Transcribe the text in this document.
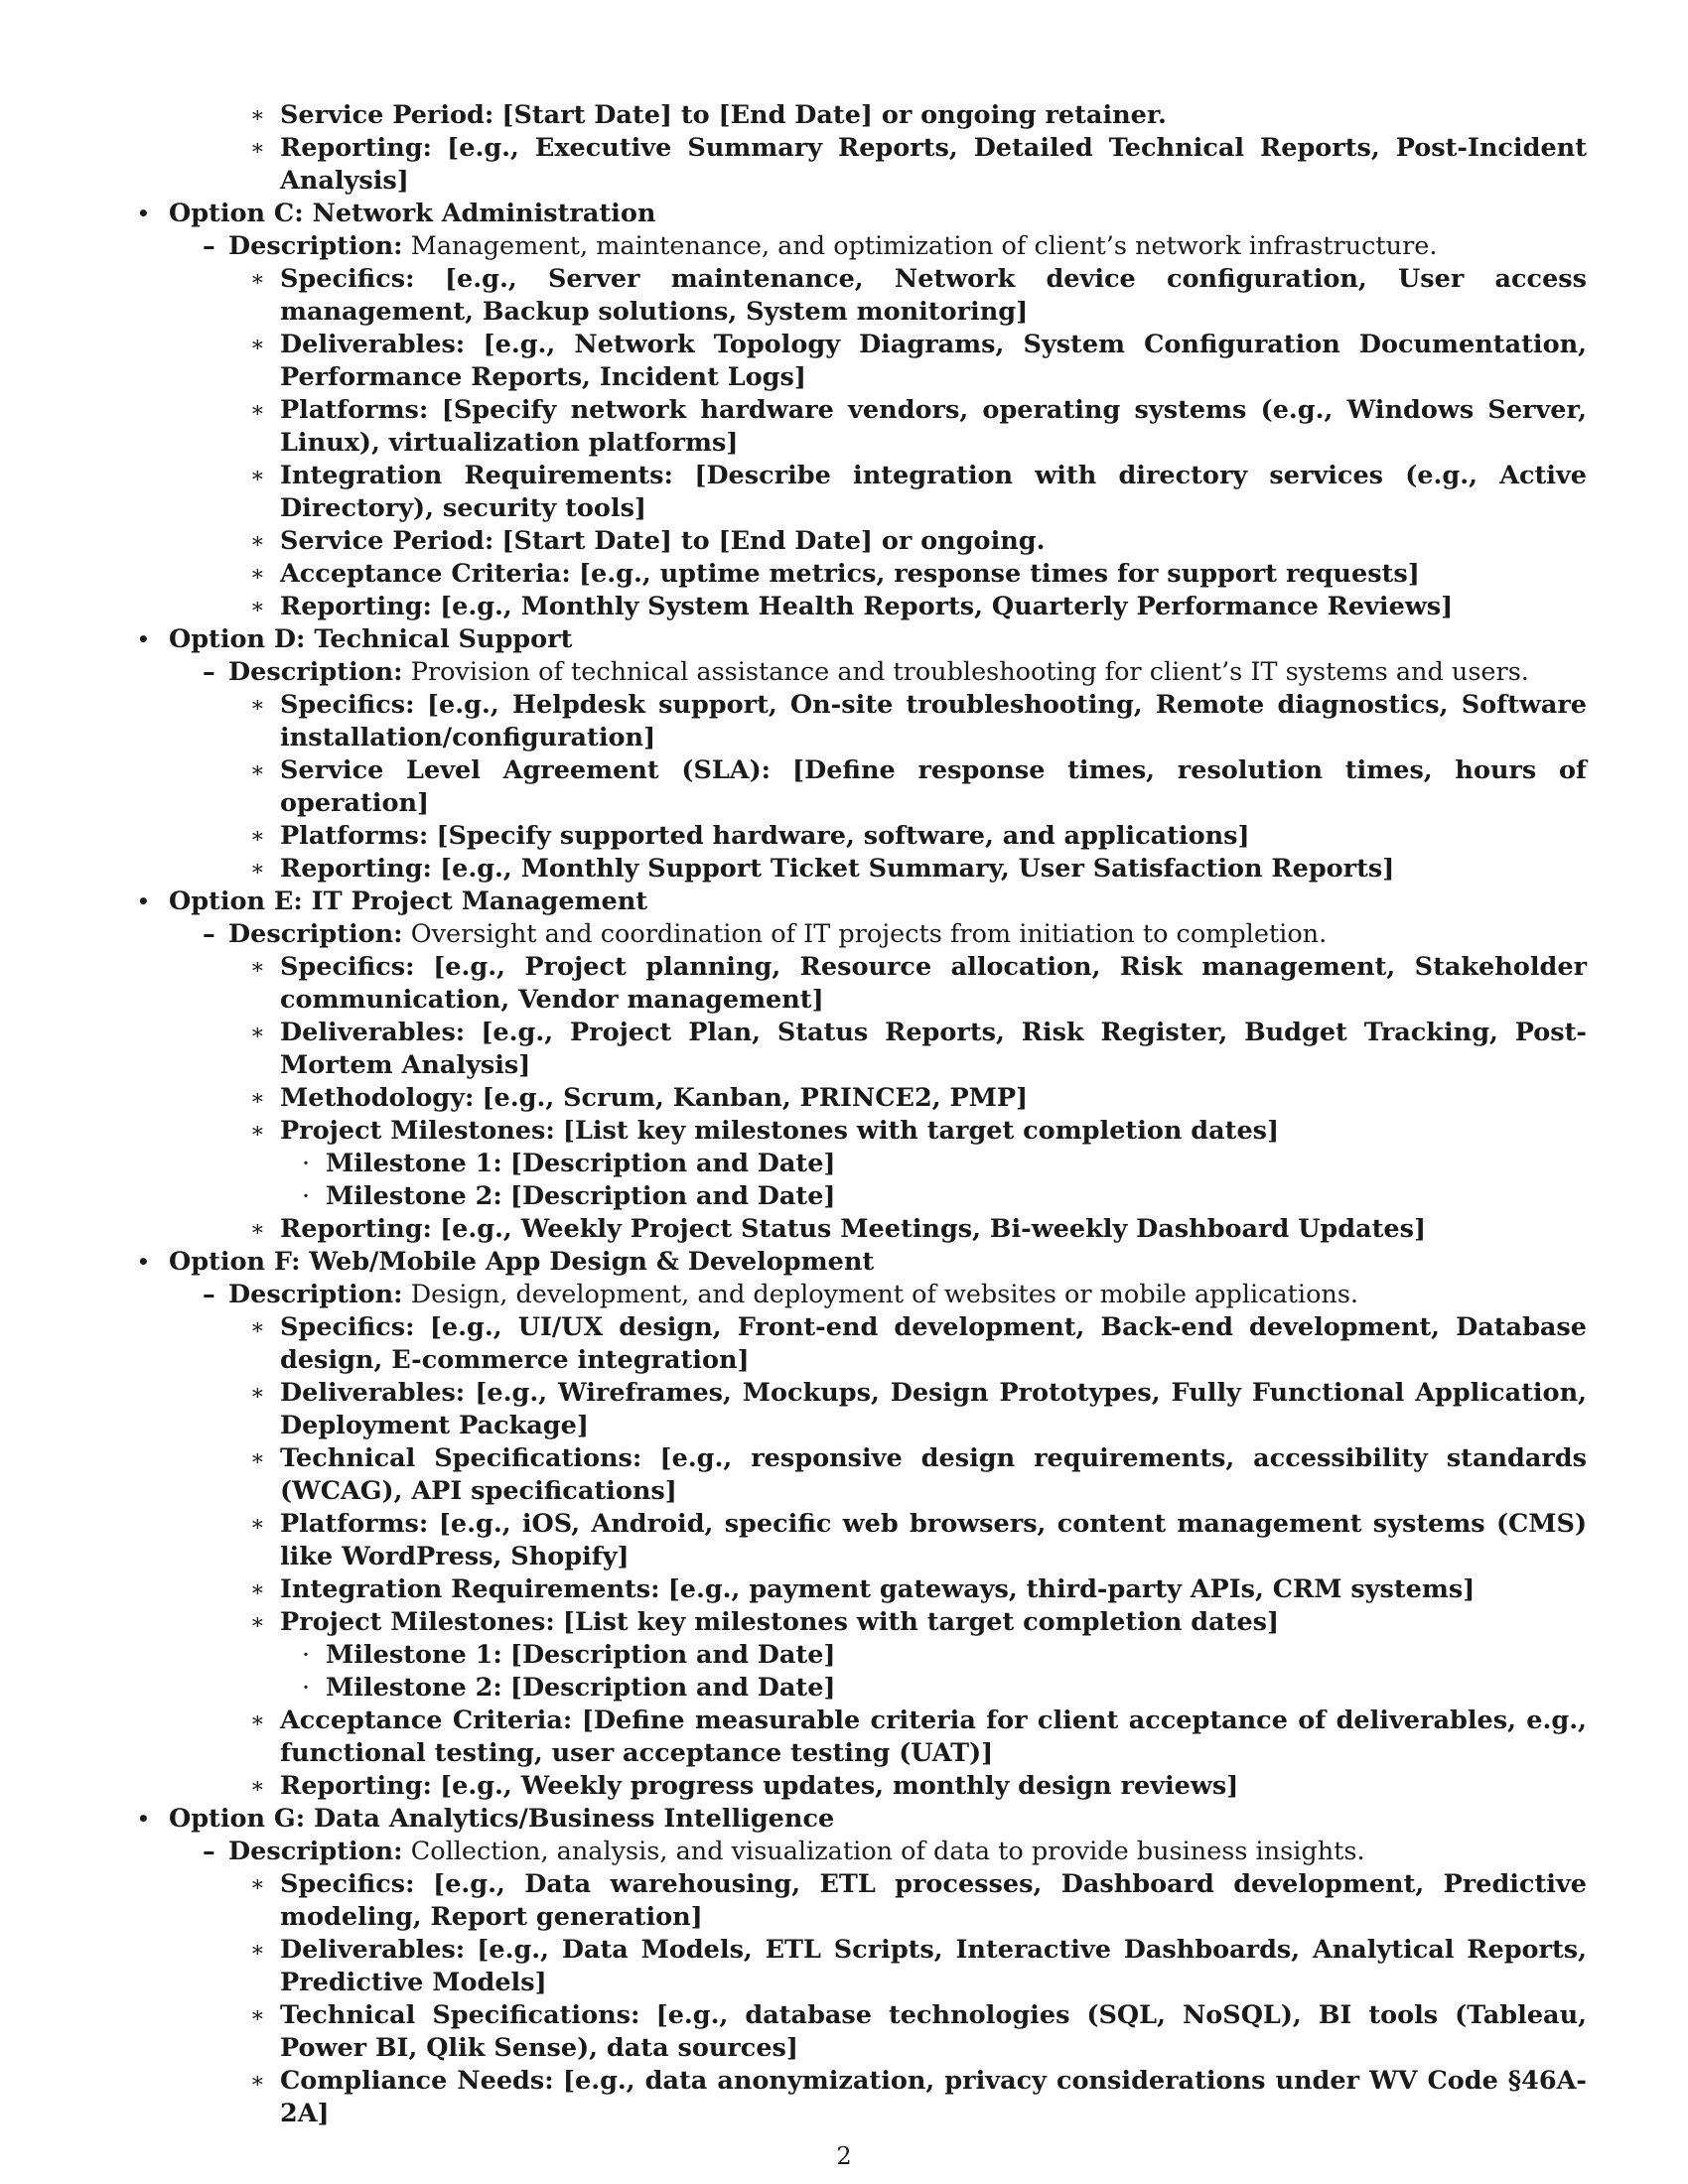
∗ Service Period: [Start Date] to [End Date] or ongoing retainer.
∗ Reporting: [e.g., Executive Summary Reports, Detailed Technical Reports, Post-Incident Analysis]
• Option C: Network Administration
– Description: Management, maintenance, and optimization of client’s network infrastructure.
∗ Specifics: [e.g., Server maintenance, Network device configuration, User access management, Backup solutions, System monitoring]
∗ Deliverables: [e.g., Network Topology Diagrams, System Configuration Documentation, Performance Reports, Incident Logs]
∗ Platforms: [Specify network hardware vendors, operating systems (e.g., Windows Server, Linux), virtualization platforms]
∗ Integration Requirements: [Describe integration with directory services (e.g., Active Directory), security tools]
∗ Service Period: [Start Date] to [End Date] or ongoing.
∗ Acceptance Criteria: [e.g., uptime metrics, response times for support requests]
∗ Reporting: [e.g., Monthly System Health Reports, Quarterly Performance Reviews]
• Option D: Technical Support
– Description: Provision of technical assistance and troubleshooting for client’s IT systems and users.
∗ Specifics: [e.g., Helpdesk support, On-site troubleshooting, Remote diagnostics, Software installation/configuration]
∗ Service Level Agreement (SLA): [Define response times, resolution times, hours of operation]
∗ Platforms: [Specify supported hardware, software, and applications]
∗ Reporting: [e.g., Monthly Support Ticket Summary, User Satisfaction Reports]
• Option E: IT Project Management
– Description: Oversight and coordination of IT projects from initiation to completion.
∗ Specifics: [e.g., Project planning, Resource allocation, Risk management, Stakeholder communication, Vendor management]
∗ Deliverables: [e.g., Project Plan, Status Reports, Risk Register, Budget Tracking, Post-Mortem Analysis]
∗ Methodology: [e.g., Scrum, Kanban, PRINCE2, PMP]
∗ Project Milestones: [List key milestones with target completion dates]
· Milestone 1: [Description and Date]
· Milestone 2: [Description and Date]
∗ Reporting: [e.g., Weekly Project Status Meetings, Bi-weekly Dashboard Updates]
• Option F: Web/Mobile App Design & Development
– Description: Design, development, and deployment of websites or mobile applications.
∗ Specifics: [e.g., UI/UX design, Front-end development, Back-end development, Database design, E-commerce integration]
∗ Deliverables: [e.g., Wireframes, Mockups, Design Prototypes, Fully Functional Application, Deployment Package]
∗ Technical Specifications: [e.g., responsive design requirements, accessibility standards (WCAG), API specifications]
∗ Platforms: [e.g., iOS, Android, specific web browsers, content management systems (CMS) like WordPress, Shopify]
∗ Integration Requirements: [e.g., payment gateways, third-party APIs, CRM systems]
∗ Project Milestones: [List key milestones with target completion dates]
· Milestone 1: [Description and Date]
· Milestone 2: [Description and Date]
∗ Acceptance Criteria: [Define measurable criteria for client acceptance of deliverables, e.g., functional testing, user acceptance testing (UAT)]
∗ Reporting: [e.g., Weekly progress updates, monthly design reviews]
• Option G: Data Analytics/Business Intelligence
– Description: Collection, analysis, and visualization of data to provide business insights.
∗ Specifics: [e.g., Data warehousing, ETL processes, Dashboard development, Predictive modeling, Report generation]
∗ Deliverables: [e.g., Data Models, ETL Scripts, Interactive Dashboards, Analytical Reports, Predictive Models]
∗ Technical Specifications: [e.g., database technologies (SQL, NoSQL), BI tools (Tableau, Power BI, Qlik Sense), data sources]
∗ Compliance Needs: [e.g., data anonymization, privacy considerations under WV Code §46A-2A]
2
